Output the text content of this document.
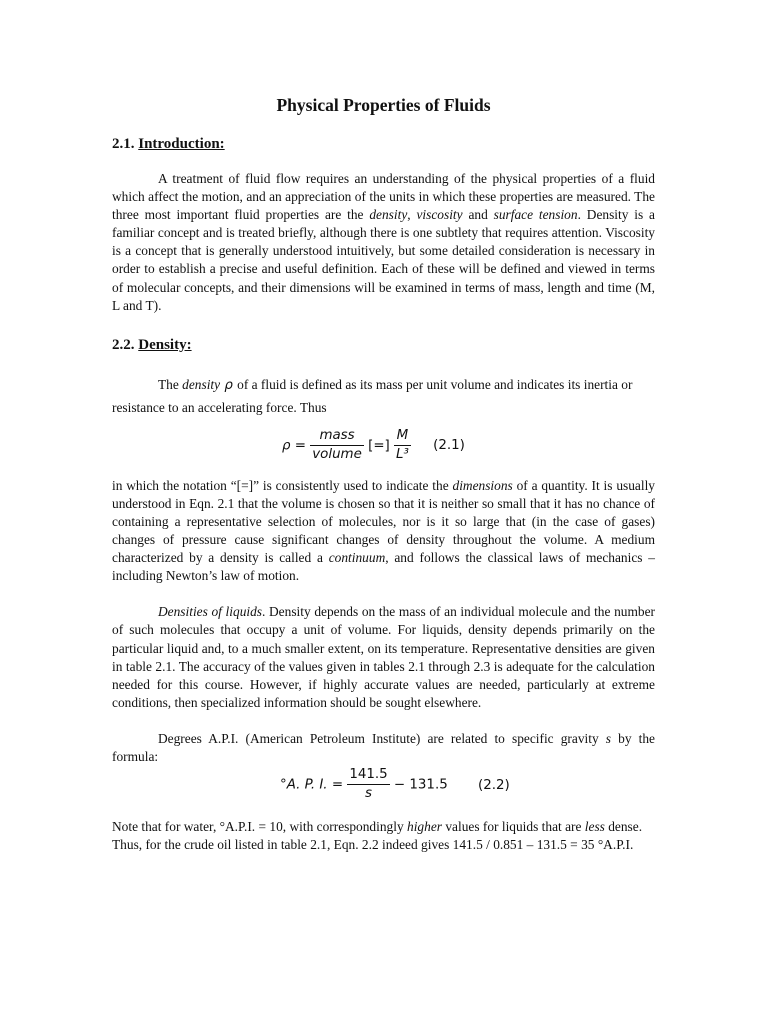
Physical Properties of Fluids
2.1. Introduction:

A treatment of fluid flow requires an understanding of the physical properties of a fluid which affect the motion, and an appreciation of the units in which these properties are measured. The three most important fluid properties are the density, viscosity and surface tension. Density is a familiar concept and is treated briefly, although there is one subtlety that requires attention. Viscosity is a concept that is generally understood intuitively, but some detailed consideration is necessary in order to establish a precise and useful definition. Each of these will be defined and viewed in terms of molecular concepts, and their dimensions will be examined in terms of mass, length and time (M, L and T).

2.2. Density:

The density ρ of a fluid is defined as its mass per unit volume and indicates its inertia or resistance to an accelerating force. Thus

$\rho = \frac{\text{mass}}{\text{volume}}$ [=] $\frac{M}{\text{L³}} (2.1)$

in which the notation “[=]” is consistently used to indicate the dimensions of a quantity. It is usually understood in Eqn. 2.1 that the volume is chosen so that it is neither so small that it has no chance of containing a representative selection of molecules, nor is it so large that (in the case of gases) changes of pressure cause significant changes of density throughout the volume. A medium characterized by a density is called a continuum, and follows the classical laws of mechanics – including Newton’s law of motion.

Densities of liquids. Density depends on the mass of an individual molecule and the number of such molecules that occupy a unit of volume. For liquids, density depends primarily on the particular liquid and, to a much smaller extent, on its temperature. Representative densities are given in table 2.1. The accuracy of the values given in tables 2.1 through 2.3 is adequate for the calculation needed for this course. However, if highly accurate values are needed, particularly at extreme conditions, then specialized information should be sought elsewhere.

Degrees A.P.I. (American Petroleum Institute) are related to specific gravity s by the formula:

°A. P. I. = $\frac{141.5}{s} - 131.5$ (2.2)

Note that for water, °A.P.I. = 10, with correspondingly higher values for liquids that are less dense. Thus, for the crude oil listed in table 2.1, Eqn. 2.2 indeed gives 141.5 / 0.851 – 131.5 = 35 °A.P.I.
